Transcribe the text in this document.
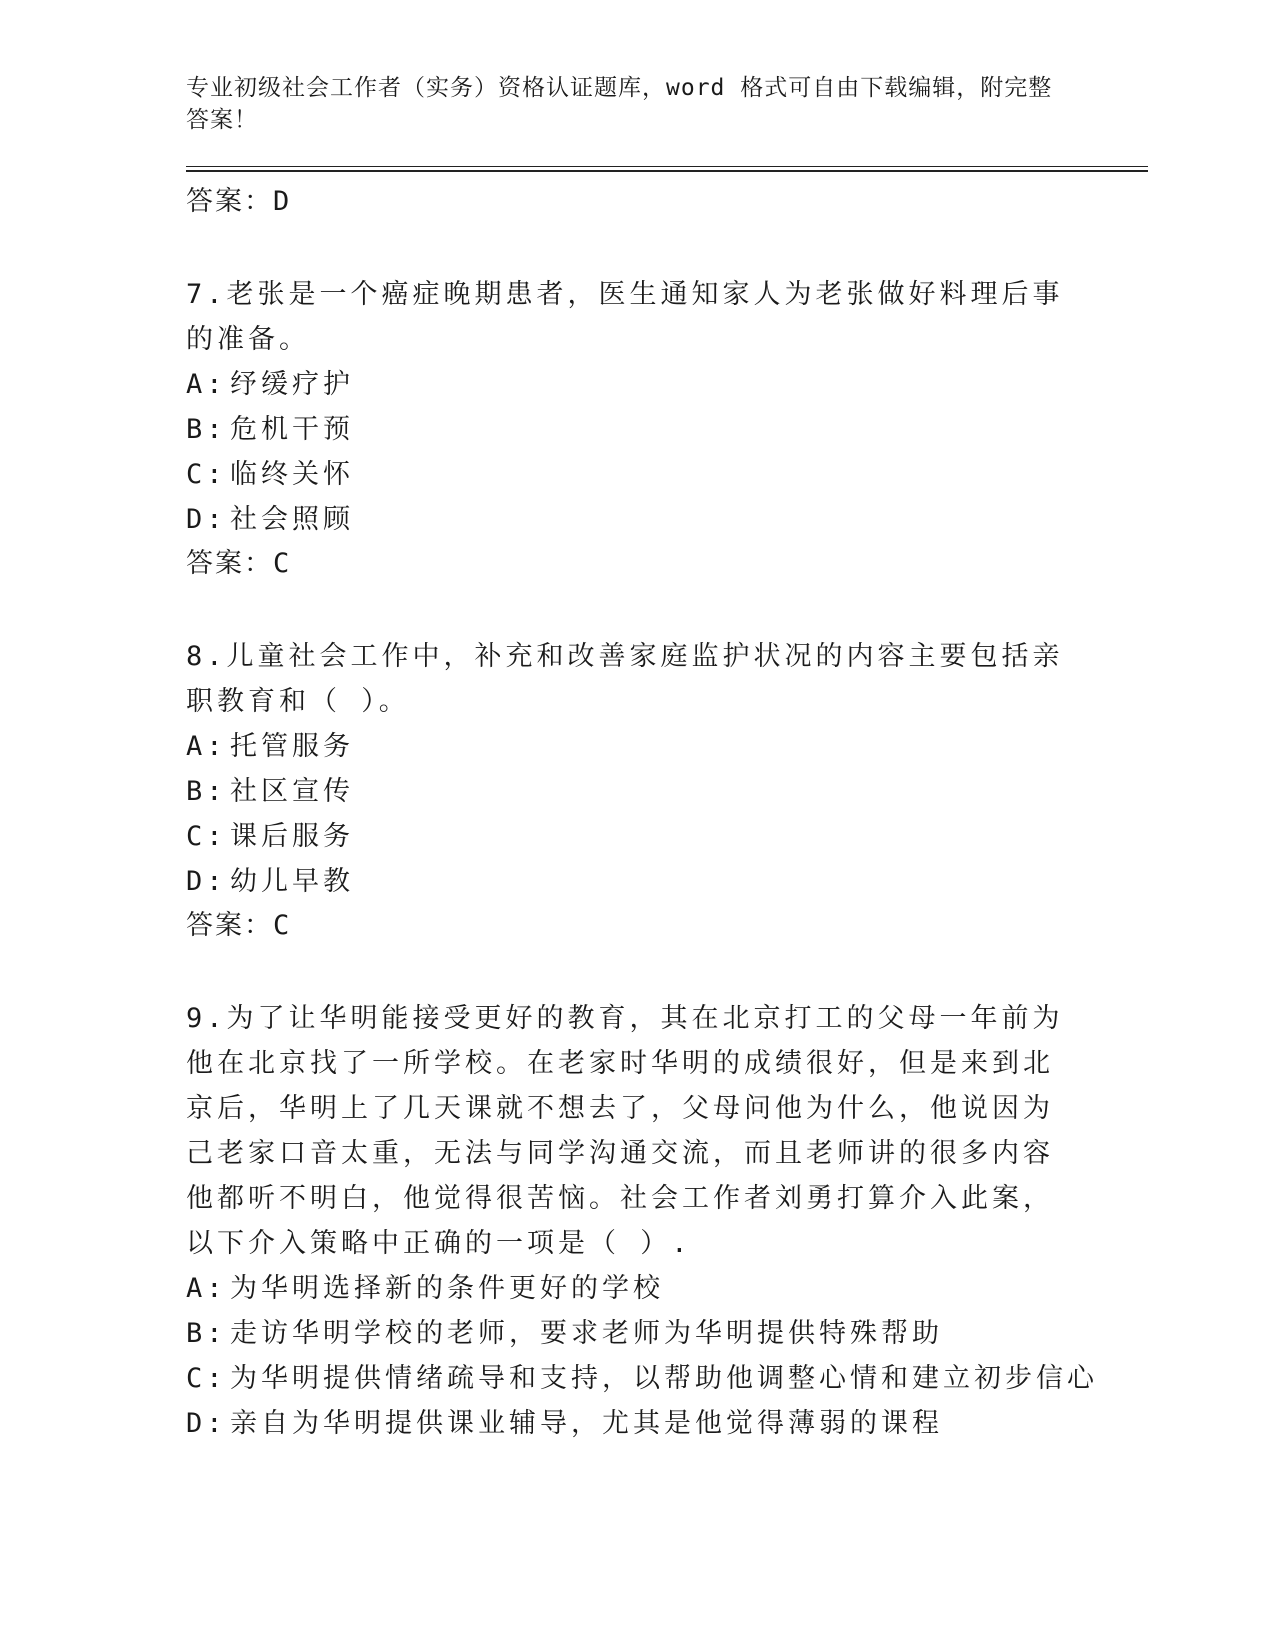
专业初级社会工作者（实务）资格认证题库，word 格式可自由下载编辑，附完整答案！

答案：D

7.老张是一个癌症晚期患者，医生通知家人为老张做好料理后事的准备。

A: 纾缓疗护

B: 危机干预

C: 临终关怀

D: 社会照顾

答案：C

8.儿童社会工作中，补充和改善家庭监护状况的内容主要包括亲职教育和（ ）。

A: 托管服务

B: 社区宣传

C: 课后服务

D: 幼儿早教

答案：C

9.为了让华明能接受更好的教育，其在北京打工的父母一年前为他在北京找了一所学校。在老家时华明的成绩很好，但是来到北京后，华明上了几天课就不想去了，父母问他为什么，他说因为己老家口音太重，无法与同学沟通交流，而且老师讲的很多内容他都听不明白，他觉得很苦恼。社会工作者刘勇打算介入此案，以下介入策略中正确的一项是（ ）.

A: 为华明选择新的条件更好的学校

B: 走访华明学校的老师，要求老师为华明提供特殊帮助

C: 为华明提供情绪疏导和支持，以帮助他调整心情和建立初步信心

D: 亲自为华明提供课业辅导，尤其是他觉得薄弱的课程
